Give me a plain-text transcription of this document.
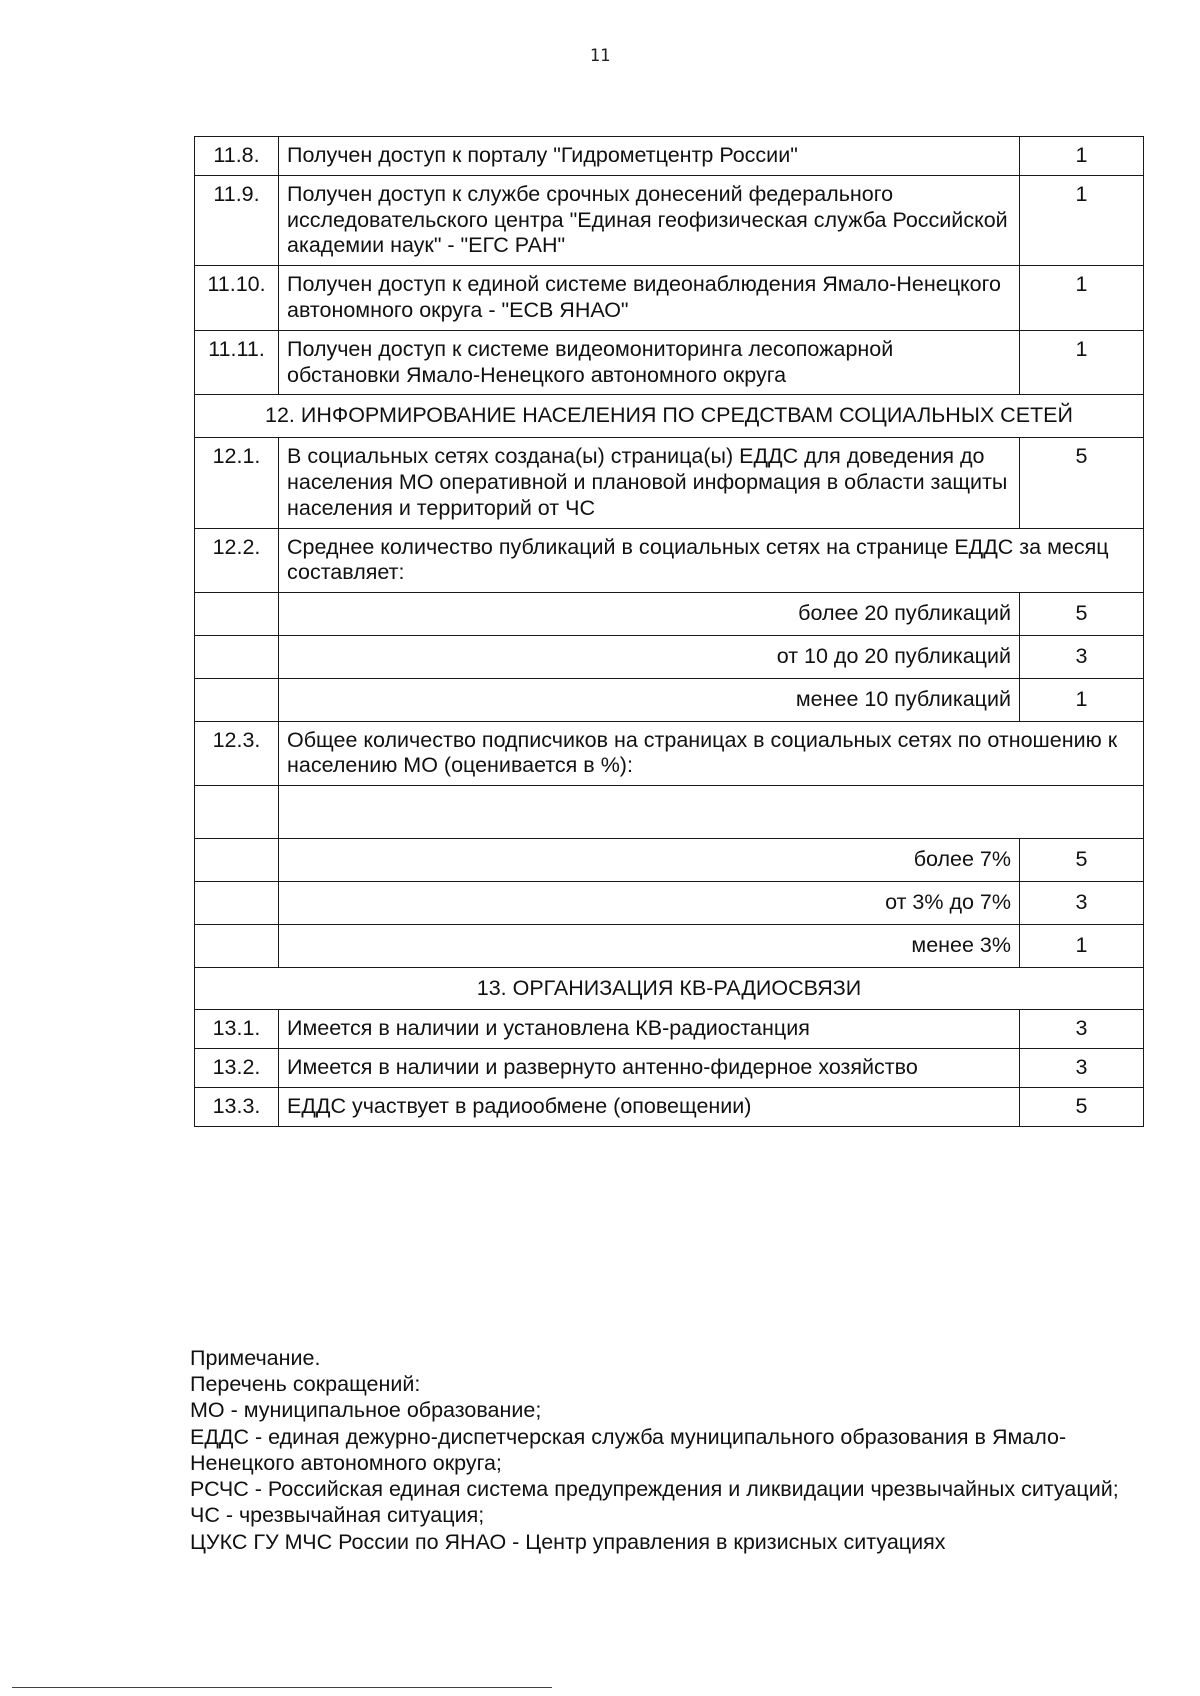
11
11.8.	Получен доступ к порталу "Гидрометцентр России"	1
11.9.	Получен доступ к службе срочных донесений федерального исследовательского центра "Единая геофизическая служба Российской академии наук" - "ЕГС РАН"	1
11.10.	Получен доступ к единой системе видеонаблюдения Ямало-Ненецкого автономного округа - "ЕСВ ЯНАО"	1
11.11.	Получен доступ к системе видеомониторинга лесопожарной обстановки Ямало-Ненецкого автономного округа	1
12. ИНФОРМИРОВАНИЕ НАСЕЛЕНИЯ ПО СРЕДСТВАМ СОЦИАЛЬНЫХ СЕТЕЙ		
12.1.	В социальных сетях создана(ы) страница(ы) ЕДДС для доведения до населения МО оперативной и плановой информация в области защиты населения и территорий от ЧС	5
12.2.	Среднее количество публикаций в социальных сетях на странице ЕДДС за месяц составляет:	
	более 20 публикаций	5
	от 10 до 20 публикаций	3
	менее 10 публикаций	1
12.3.	Общее количество подписчиков на страницах в социальных сетях по отношению к населению МО (оценивается в %):	

	более 7%	5
	от 3% до 7%	3
	менее 3%	1
13. ОРГАНИЗАЦИЯ КВ-РАДИОСВЯЗИ		
13.1.	Имеется в наличии и установлена КВ-радиостанция	3
13.2.	Имеется в наличии и развернуто антенно-фидерное хозяйство	3
13.3.	ЕДДС участвует в радиообмене (оповещении)	5

Примечание.

Перечень сокращений:

МО - муниципальное образование;

ЕДДС - единая дежурно-диспетчерская служба муниципального образования в Ямало-Ненецкого автономного округа;

РСЧС - Российская единая система предупреждения и ликвидации чрезвычайных ситуаций;

ЧС - чрезвычайная ситуация;

ЦУКС ГУ МЧС России по ЯНАО - Центр управления в кризисных ситуациях
